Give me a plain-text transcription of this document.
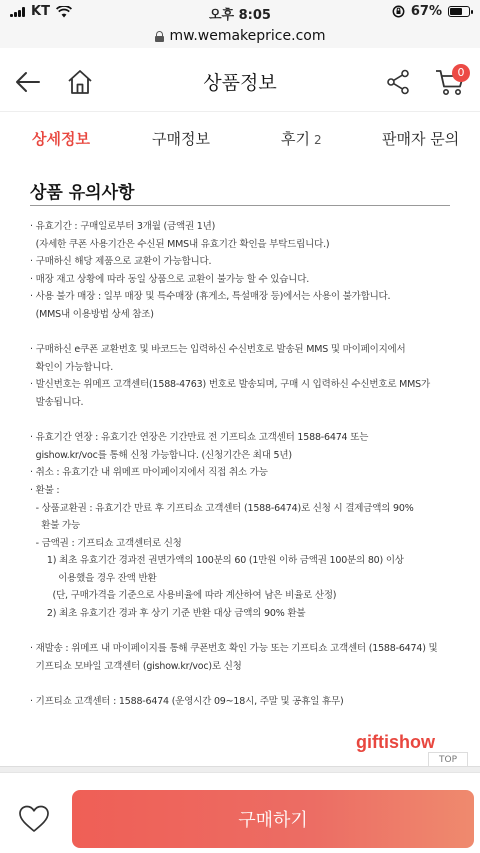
KT	오후 8:05	67%
mw.wemakeprice.com
상품정보	0
상세정보	구매정보	후기 2	판매자 문의
상품 유의사항
· 유효기간 : 구매일로부터 3개월 (금액권 1년)
(자세한 쿠폰 사용기간은 수신된 MMS내 유효기간 확인을 부탁드립니다.)
· 구매하신 해당 제품으로 교환이 가능합니다.
· 매장 재고 상황에 따라 동일 상품으로 교환이 불가능 할 수 있습니다.
· 사용 불가 매장 : 일부 매장 및 특수매장 (휴게소, 특설매장 등)에서는 사용이 불가합니다.
(MMS내 이용방법 상세 참조)
· 구매하신 e쿠폰 교환번호 및 바코드는 입력하신 수신번호로 발송된 MMS 및 마이페이지에서
확인이 가능합니다.
· 발신번호는 위메프 고객센터(1588-4763) 번호로 발송되며, 구매 시 입력하신 수신번호로 MMS가
발송됩니다.
· 유효기간 연장 : 유효기간 연장은 기간만료 전 기프티쇼 고객센터 1588-6474 또는
gishow.kr/voc를 통해 신청 가능합니다. (신청기간은 최대 5년)
· 취소 : 유효기간 내 위메프 마이페이지에서 직접 취소 가능
· 환불 :
- 상품교환권 : 유효기간 만료 후 기프티쇼 고객센터 (1588-6474)로 신청 시 결제금액의 90%
환불 가능
- 금액권 : 기프티쇼 고객센터로 신청
1) 최초 유효기간 경과전 권면가액의 100분의 60 (1만원 이하 금액권 100분의 80) 이상
이용했을 경우 잔액 반환
(단, 구매가격을 기준으로 사용비율에 따라 계산하여 남은 비율로 산정)
2) 최초 유효기간 경과 후 상기 기준 반환 대상 금액의 90% 환불
· 재발송 : 위메프 내 마이페이지를 통해 쿠폰번호 확인 가능 또는 기프티쇼 고객센터 (1588-6474) 및
기프티쇼 모바일 고객센터 (gishow.kr/voc)로 신청
· 기프티쇼 고객센터 : 1588-6474 (운영시간 09~18시, 주말 및 공휴일 휴무)
giftishow
TOP
구매하기
